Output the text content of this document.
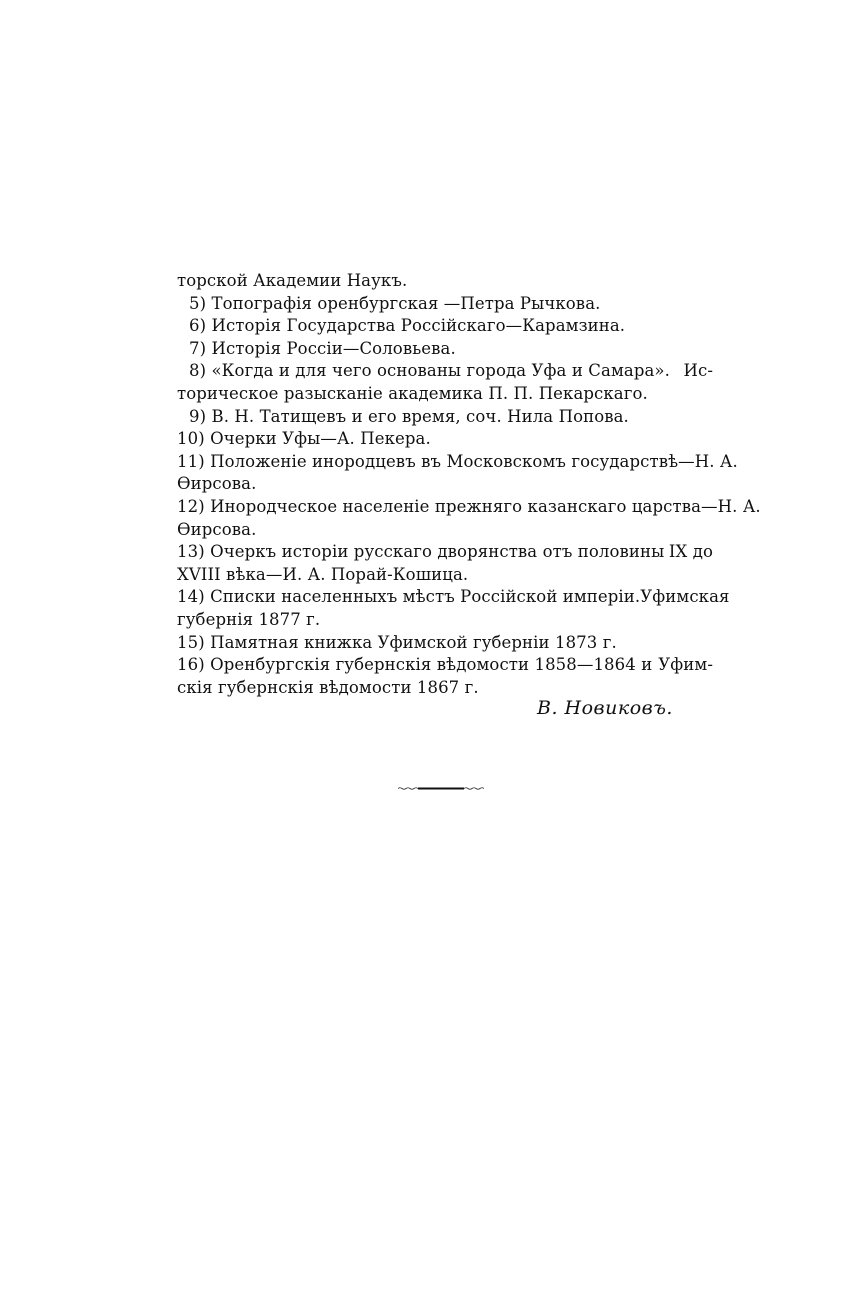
торской Академии Наукъ.
5) Топографія оренбургская —Петра Рычкова.
6) Исторія Государства Россійскаго—Карамзина.
7) Исторія Россіи—Соловьева.
8) «Когда и для чего основаны города Уфа и Самара». Ис-
торическое разысканіе академика П. П. Пекарскаго.
9) В. Н. Татищевъ и его время, соч. Нила Попова.
10) Очерки Уфы—А. Пекера.
11) Положеніе инородцевъ въ Московскомъ государствѣ— Н. А.
Өирсова.
12) Инородческое населеніе прежняго казанскаго царства— Н. А.
Өирсова.
13) Очеркъ исторіи русскаго дворянства отъ половины IX до
XVIII вѣка—И. А. Порай-Кошица.
14) Списки населенныхъ мѣстъ Россійской имперіи. Уфимская
губернія 1877 г.
15) Памятная книжка Уфимской губерніи 1873 г.
16) Оренбургскія губернскія вѣдомости 1858—1864 и Уфим-
скія губернскія вѣдомости 1867 г.
В. Новиковъ.
